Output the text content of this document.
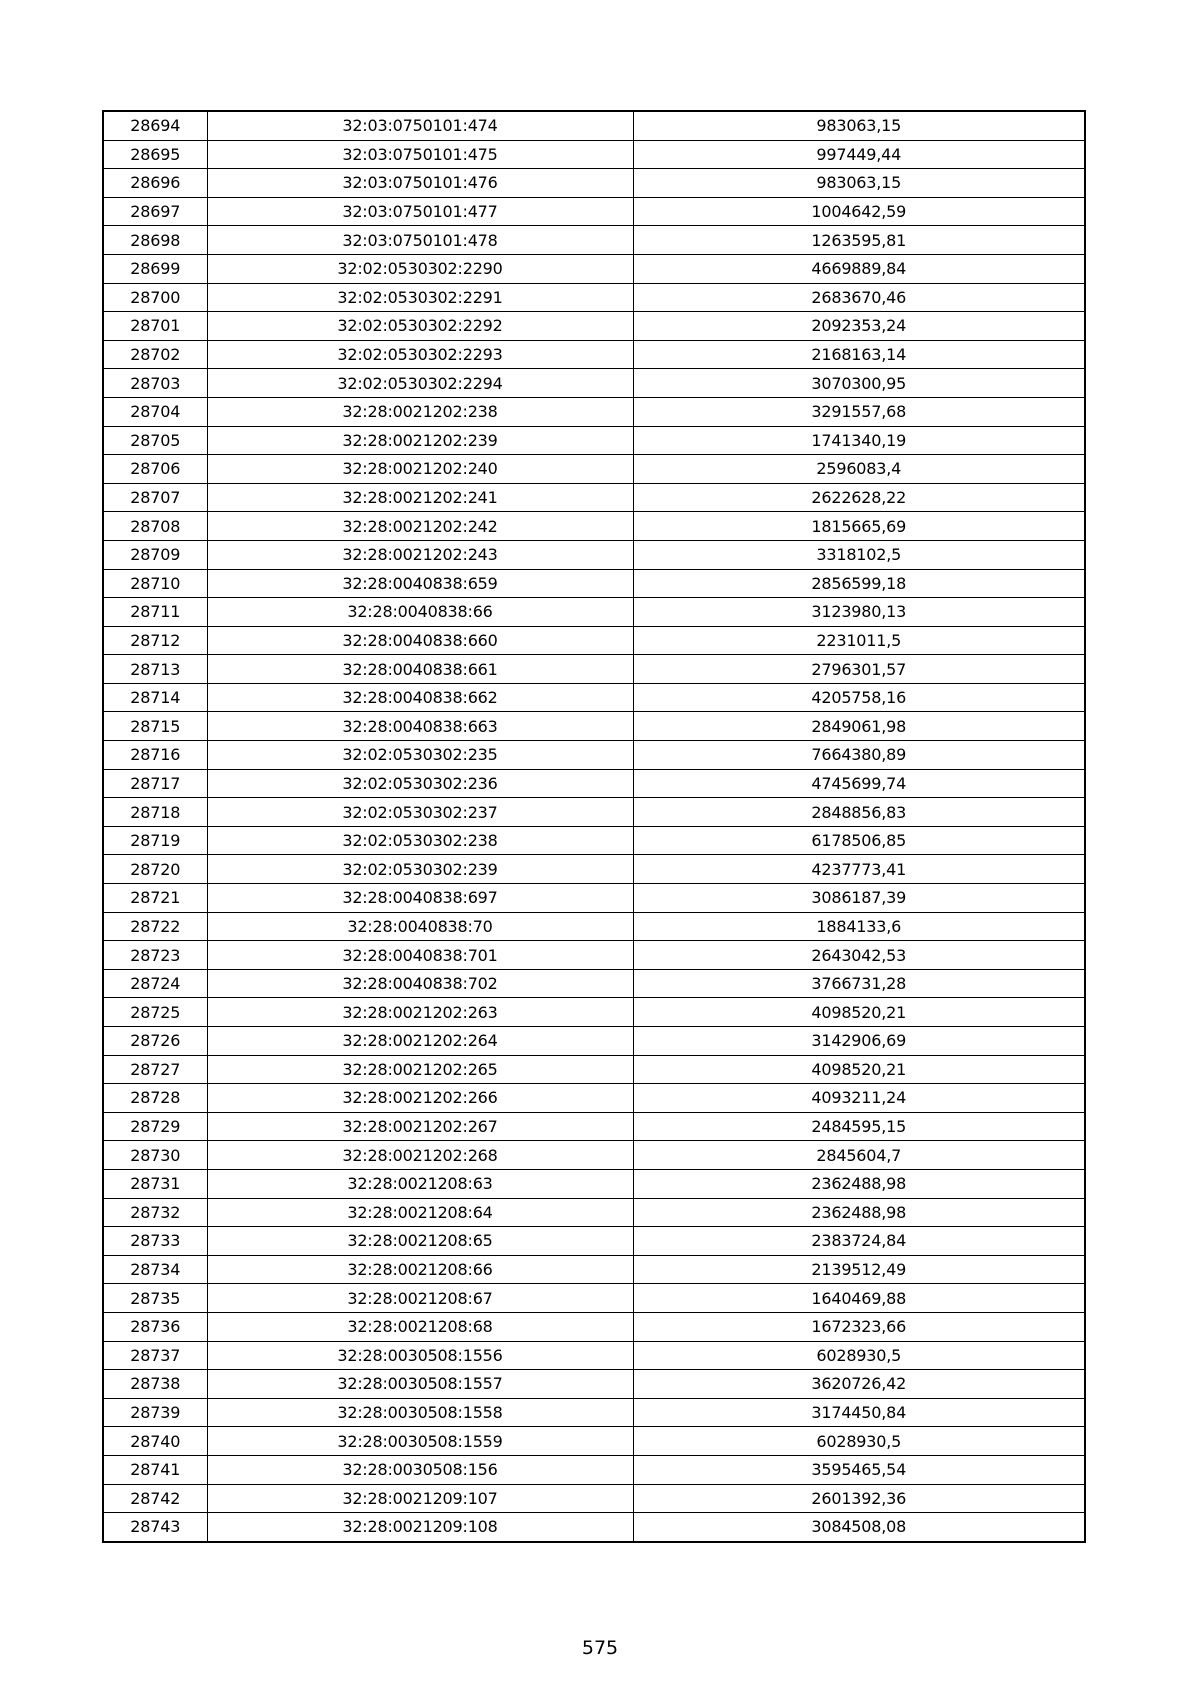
28694	32:03:0750101:474	983063,15
28695	32:03:0750101:475	997449,44
28696	32:03:0750101:476	983063,15
28697	32:03:0750101:477	1004642,59
28698	32:03:0750101:478	1263595,81
28699	32:02:0530302:2290	4669889,84
28700	32:02:0530302:2291	2683670,46
28701	32:02:0530302:2292	2092353,24
28702	32:02:0530302:2293	2168163,14
28703	32:02:0530302:2294	3070300,95
28704	32:28:0021202:238	3291557,68
28705	32:28:0021202:239	1741340,19
28706	32:28:0021202:240	2596083,4
28707	32:28:0021202:241	2622628,22
28708	32:28:0021202:242	1815665,69
28709	32:28:0021202:243	3318102,5
28710	32:28:0040838:659	2856599,18
28711	32:28:0040838:66	3123980,13
28712	32:28:0040838:660	2231011,5
28713	32:28:0040838:661	2796301,57
28714	32:28:0040838:662	4205758,16
28715	32:28:0040838:663	2849061,98
28716	32:02:0530302:235	7664380,89
28717	32:02:0530302:236	4745699,74
28718	32:02:0530302:237	2848856,83
28719	32:02:0530302:238	6178506,85
28720	32:02:0530302:239	4237773,41
28721	32:28:0040838:697	3086187,39
28722	32:28:0040838:70	1884133,6
28723	32:28:0040838:701	2643042,53
28724	32:28:0040838:702	3766731,28
28725	32:28:0021202:263	4098520,21
28726	32:28:0021202:264	3142906,69
28727	32:28:0021202:265	4098520,21
28728	32:28:0021202:266	4093211,24
28729	32:28:0021202:267	2484595,15
28730	32:28:0021202:268	2845604,7
28731	32:28:0021208:63	2362488,98
28732	32:28:0021208:64	2362488,98
28733	32:28:0021208:65	2383724,84
28734	32:28:0021208:66	2139512,49
28735	32:28:0021208:67	1640469,88
28736	32:28:0021208:68	1672323,66
28737	32:28:0030508:1556	6028930,5
28738	32:28:0030508:1557	3620726,42
28739	32:28:0030508:1558	3174450,84
28740	32:28:0030508:1559	6028930,5
28741	32:28:0030508:156	3595465,54
28742	32:28:0021209:107	2601392,36
28743	32:28:0021209:108	3084508,08
575
